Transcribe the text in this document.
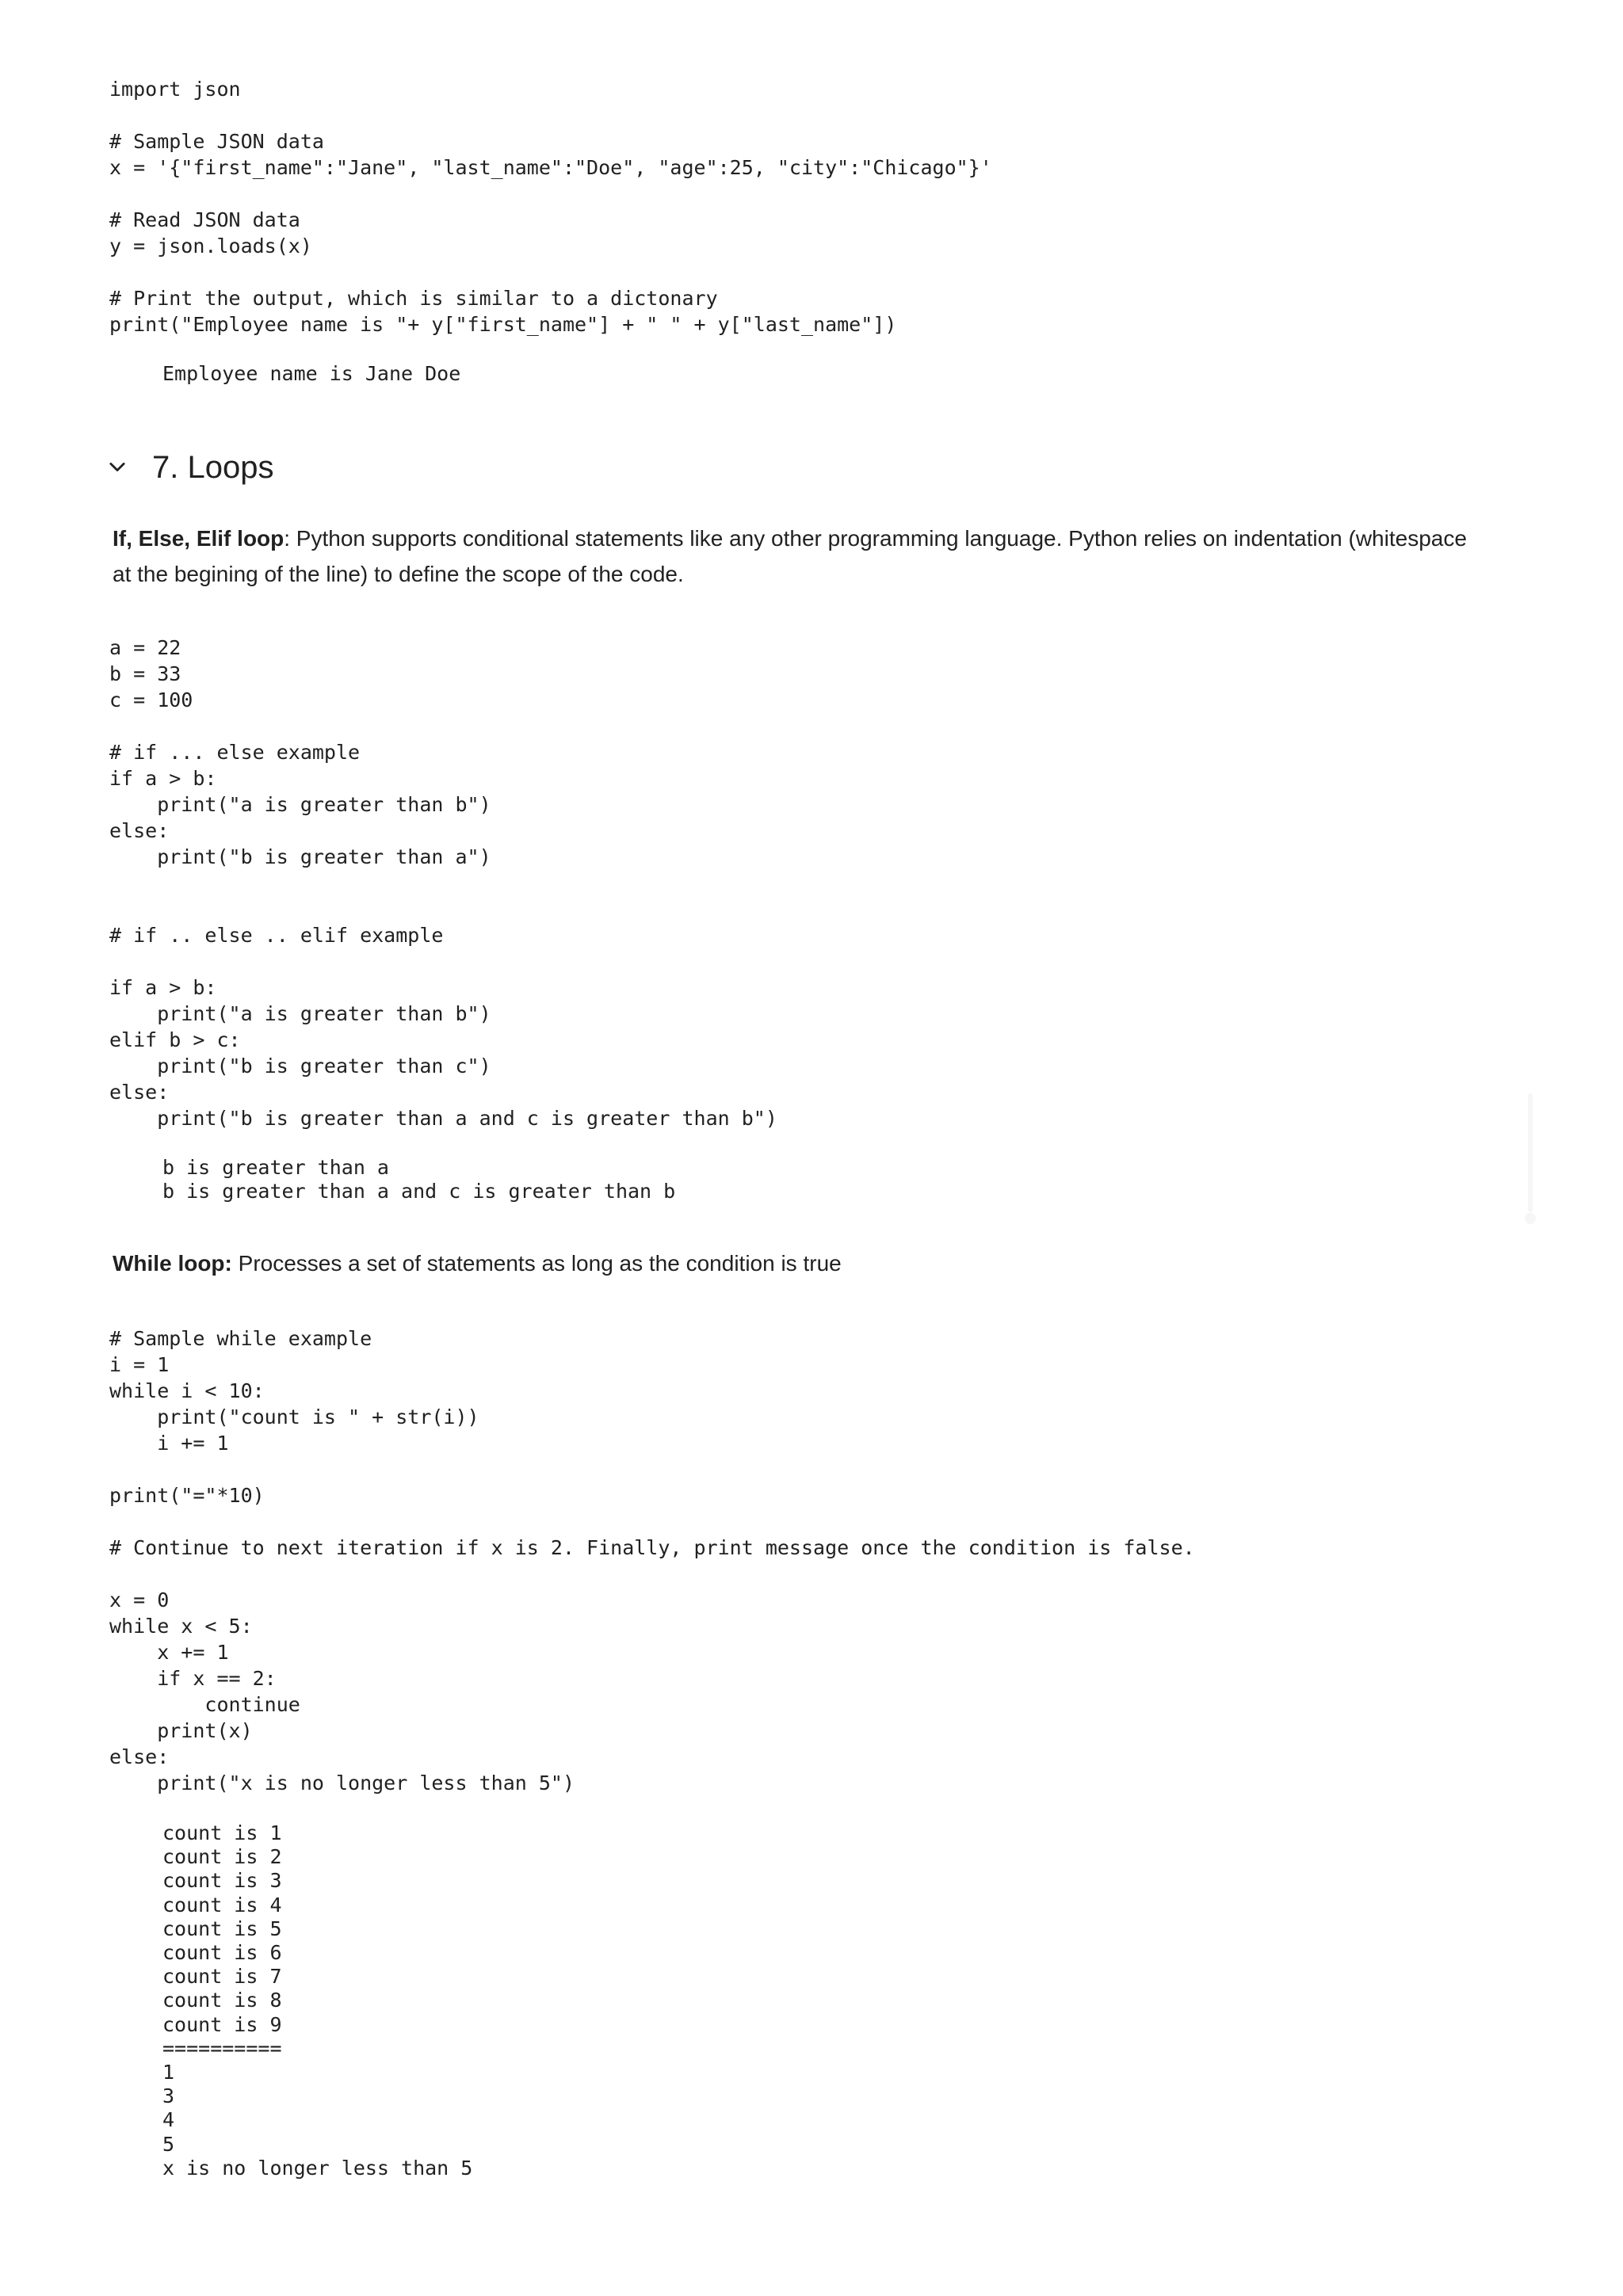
import json

# Sample JSON data
x = '{"first_name":"Jane", "last_name":"Doe", "age":25, "city":"Chicago"}'

# Read JSON data
y = json.loads(x)

# Print the output, which is similar to a dictonary
print("Employee name is "+ y["first_name"] + " " + y["last_name"])
Employee name is Jane Doe
7. Loops

If, Else, Elif loop: Python supports conditional statements like any other programming language. Python relies on indentation (whitespace at the begining of the line) to define the scope of the code.

a = 22
b = 33
c = 100

# if ... else example
if a > b:
print("a is greater than b")
else:
print("b is greater than a")

# if .. else .. elif example

if a > b:
print("a is greater than b")
elif b > c:
print("b is greater than c")
else:
print("b is greater than a and c is greater than b")
b is greater than a
b is greater than a and c is greater than b

While loop: Processes a set of statements as long as the condition is true

# Sample while example
i = 1
while i < 10:
print("count is " + str(i))
i += 1

print("="*10)

# Continue to next iteration if x is 2. Finally, print message once the condition is false.

x = 0
while x < 5:
x += 1
if x == 2:
continue
print(x)
else:
print("x is no longer less than 5")
count is 1
count is 2
count is 3
count is 4
count is 5
count is 6
count is 7
count is 8
count is 9
==========
1
3
4
5
x is no longer less than 5
